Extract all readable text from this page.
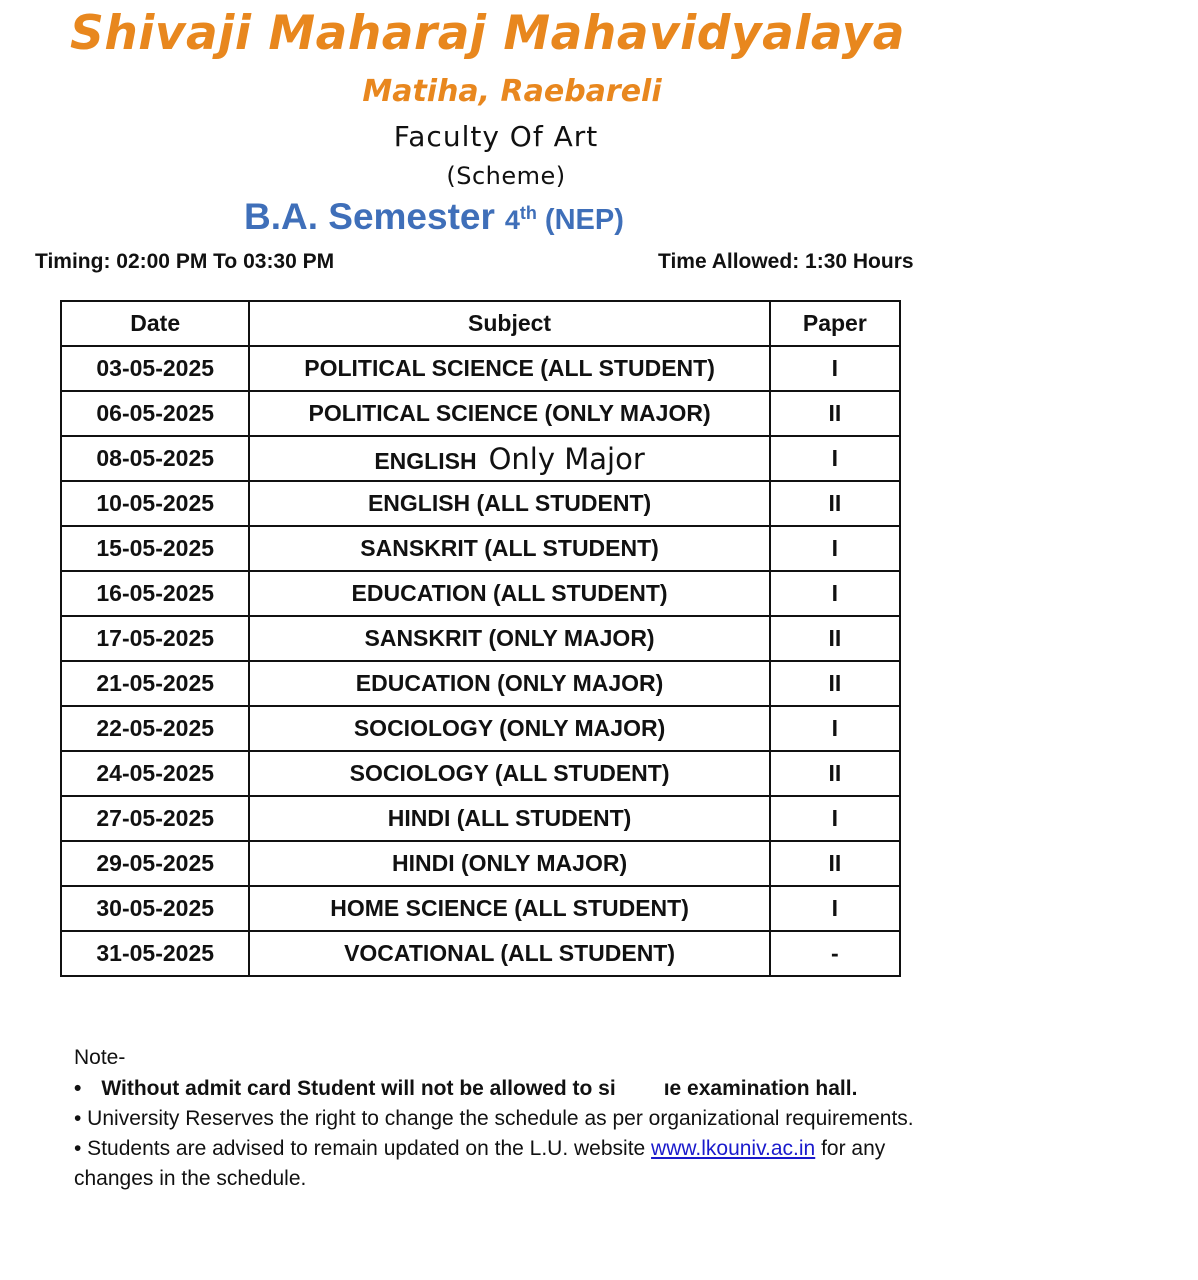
Shivaji Maharaj Mahavidyalaya
Matiha, Raebareli
Faculty Of Art
(Scheme)
B.A. Semester 4th (NEP)
Timing: 02:00 PM To 03:30 PM	Time Allowed: 1:30 Hours
Date	Subject	Paper
03-05-2025	POLITICAL SCIENCE (ALL STUDENT)	I
06-05-2025	POLITICAL SCIENCE (ONLY MAJOR)	II
08-05-2025	ENGLISH Only Major	I
10-05-2025	ENGLISH (ALL STUDENT)	II
15-05-2025	SANSKRIT (ALL STUDENT)	I
16-05-2025	EDUCATION (ALL STUDENT)	I
17-05-2025	SANSKRIT (ONLY MAJOR)	II
21-05-2025	EDUCATION (ONLY MAJOR)	II
22-05-2025	SOCIOLOGY (ONLY MAJOR)	I
24-05-2025	SOCIOLOGY (ALL STUDENT)	II
27-05-2025	HINDI (ALL STUDENT)	I
29-05-2025	HINDI (ONLY MAJOR)	II
30-05-2025	HOME SCIENCE (ALL STUDENT)	I
31-05-2025	VOCATIONAL (ALL STUDENT)	-
Note-
• Without admit card Student will not be allowed to si ıe examination hall.
• University Reserves the right to change the schedule as per organizational requirements.
• Students are advised to remain updated on the L.U. website www.lkouniv.ac.in for any changes in the schedule.
